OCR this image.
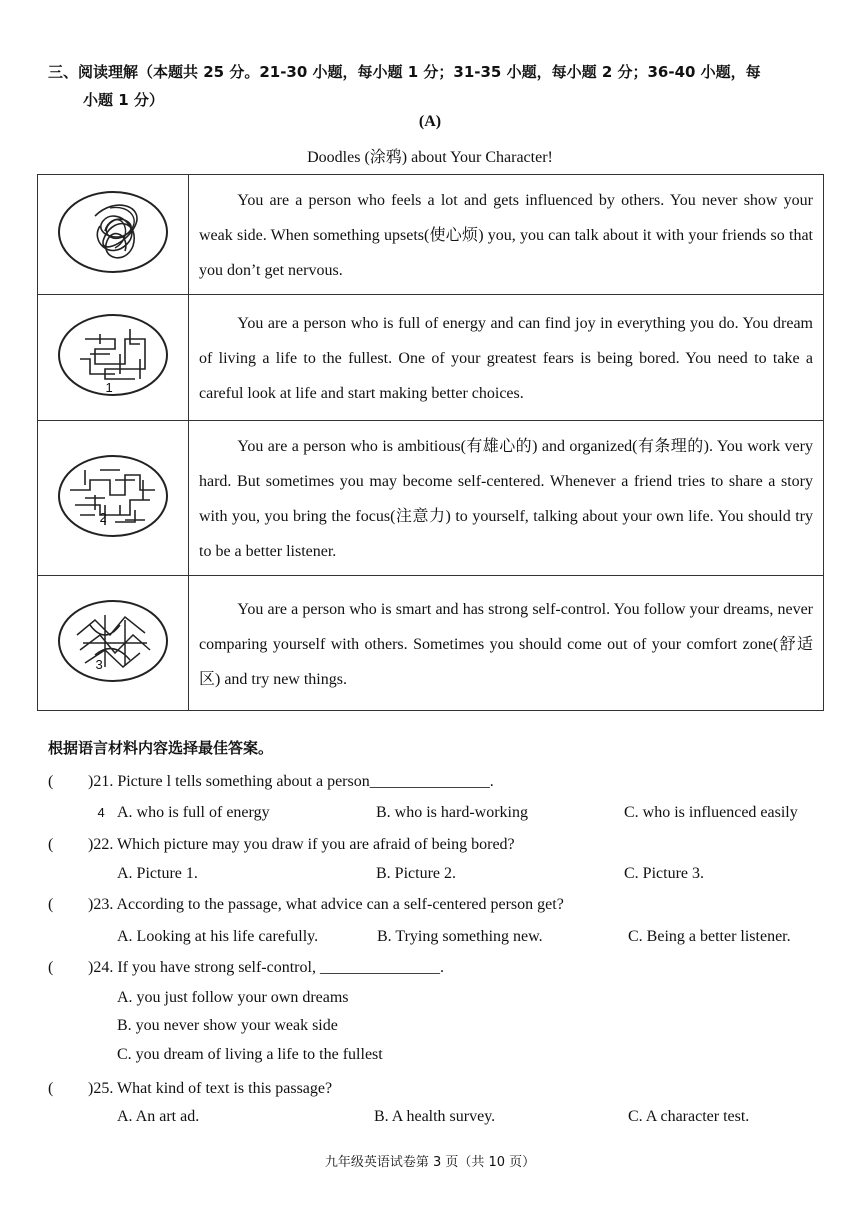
三、阅读理解（本题共 25 分。21-30 小题，每小题 1 分；31-35 小题，每小题 2 分；36-40 小题，每
小题 1 分）
(A)
Doodles (涂鸦) about Your Character!
1	You are a person who feels a lot and gets influenced by others. You never show your weak side. When something upsets(使心烦) you, you can talk about it with your friends so that you don’t get nervous.

2	You are a person who is full of energy and can find joy in everything you do. You dream of living a life to the fullest. One of your greatest fears is being bored. You need to take a careful look at life and start making better choices.

3	You are a person who is ambitious(有雄心的) and organized(有条理的). You work very hard. But sometimes you may become self-centered. Whenever a friend tries to share a story with you, you bring the focus(注意力) to yourself, talking about your own life. You should try to be a better listener.

4	You are a person who is smart and has strong self-control. You follow your dreams, never comparing yourself with others. Sometimes you should come out of your comfort zone(舒适区) and try new things.

根据语言材料内容选择最佳答案。
( )21. Picture l tells something about a person_______________.
A. who is full of energy	B. who is hard-working	C. who is influenced easily
( )22. Which picture may you draw if you are afraid of being bored?
A. Picture 1.	B. Picture 2.	C. Picture 3.
( )23. According to the passage, what advice can a self-centered person get?
A. Looking at his life carefully.	B. Trying something new.	C. Being a better listener.
( )24. If you have strong self-control, _______________.
A. you just follow your own dreams
B. you never show your weak side
C. you dream of living a life to the fullest
( )25. What kind of text is this passage?
A. An art ad.	B. A health survey.	C. A character test.
九年级英语试卷第 3 页（共 10 页）
